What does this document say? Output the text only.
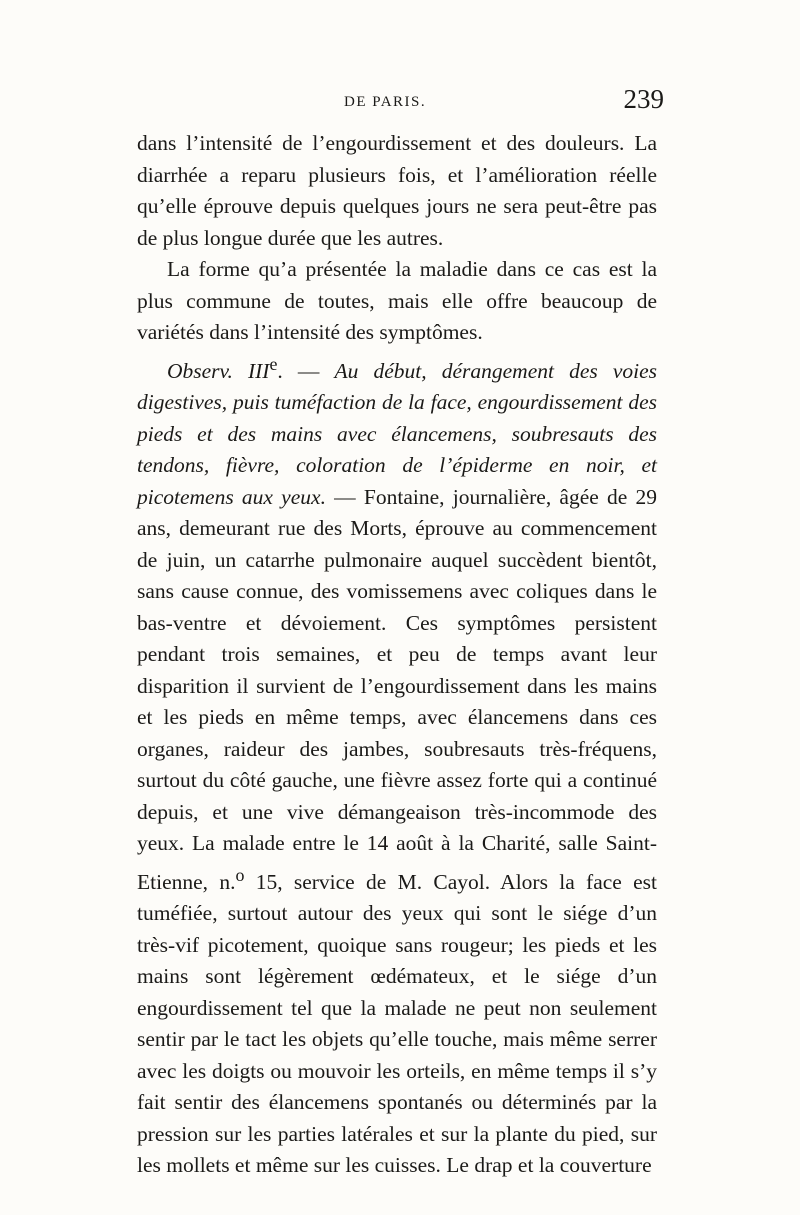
DE PARIS.	239

dans l’intensité de l’engourdissement et des douleurs. La diarrhée a reparu plusieurs fois, et l’amélioration réelle qu’elle éprouve depuis quelques jours ne sera peut-être pas de plus longue durée que les autres.

La forme qu’a présentée la maladie dans ce cas est la plus commune de toutes, mais elle offre beaucoup de variétés dans l’intensité des symptômes.

Observ. IIIe. — Au début, dérangement des voies digestives, puis tuméfaction de la face, engourdissement des pieds et des mains avec élancemens, soubresauts des tendons, fièvre, coloration de l’épiderme en noir, et picotemens aux yeux. — Fontaine, journalière, âgée de 29 ans, demeurant rue des Morts, éprouve au commencement de juin, un catarrhe pulmonaire auquel succèdent bientôt, sans cause connue, des vomissemens avec coliques dans le bas-ventre et dévoiement. Ces symptômes persistent pendant trois semaines, et peu de temps avant leur disparition il survient de l’engourdissement dans les mains et les pieds en même temps, avec élancemens dans ces organes, raideur des jambes, soubresauts très-fréquens, surtout du côté gauche, une fièvre assez forte qui a continué depuis, et une vive démangeaison très-incommode des yeux. La malade entre le 14 août à la Charité, salle Saint-Etienne, n.$^o$ 15, service de M. Cayol. Alors la face est tuméfiée, surtout autour des yeux qui sont le siége d’un très-vif picotement, quoique sans rougeur; les pieds et les mains sont légèrement œdémateux, et le siége d’un engourdissement tel que la malade ne peut non seulement sentir par le tact les objets qu’elle touche, mais même serrer avec les doigts ou mouvoir les orteils, en même temps il s’y fait sentir des élancemens spontanés ou déterminés par la pression sur les parties latérales et sur la plante du pied, sur les mollets et même sur les cuisses. Le drap et la couverture
